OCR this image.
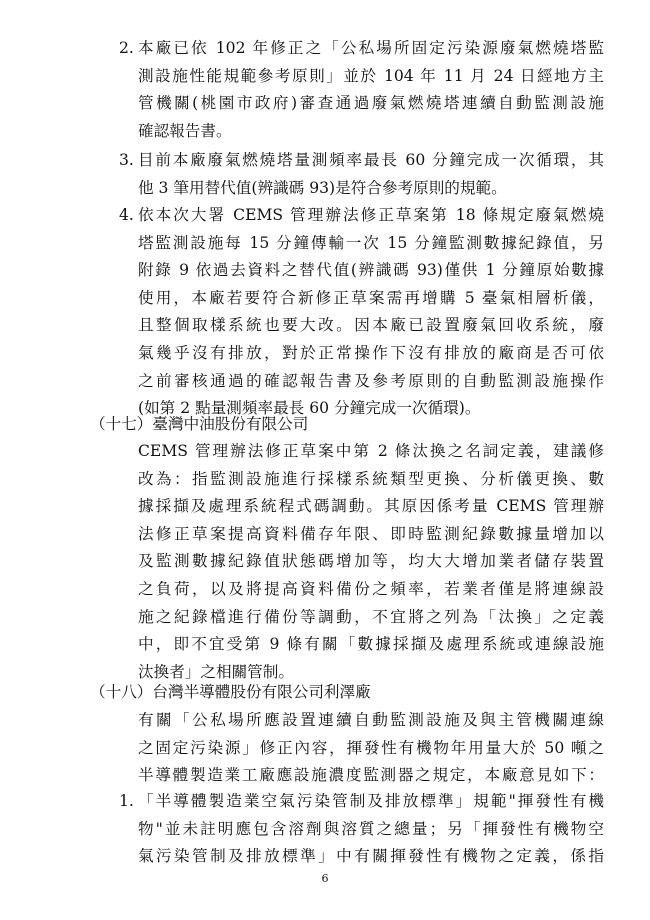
2. 本廠已依 102 年修正之「公私場所固定污染源廢氣燃燒塔監
測設施性能規範參考原則」並於 104 年 11 月 24 日經地方主
管機關(桃園市政府)審查通過廢氣燃燒塔連續自動監測設施
確認報告書。
3. 目前本廠廢氣燃燒塔量測頻率最長 60 分鐘完成一次循環，其
他 3 筆用替代值(辨識碼 93)是符合參考原則的規範。
4. 依本次大署 CEMS 管理辦法修正草案第 18 條規定廢氣燃燒
塔監測設施每 15 分鐘傳輸一次 15 分鐘監測數據紀錄值，另
附錄 9 依過去資料之替代值(辨識碼 93)僅供 1 分鐘原始數據
使用，本廠若要符合新修正草案需再增購 5 臺氣相層析儀，
且整個取樣系統也要大改。因本廠已設置廢氣回收系統，廢
氣幾乎沒有排放，對於正常操作下沒有排放的廠商是否可依
之前審核通過的確認報告書及參考原則的自動監測設施操作
(如第 2 點量測頻率最長 60 分鐘完成一次循環)。
（十七）臺灣中油股份有限公司
CEMS 管理辦法修正草案中第 2 條汰換之名詞定義，建議修
改為：指監測設施進行採樣系統類型更換、分析儀更換、數
據採擷及處理系統程式碼調動。其原因係考量 CEMS 管理辦
法修正草案提高資料備存年限、即時監測紀錄數據量增加以
及監測數據紀錄值狀態碼增加等，均大大增加業者儲存裝置
之負荷，以及將提高資料備份之頻率，若業者僅是將連線設
施之紀錄檔進行備份等調動，不宜將之列為「汰換」之定義
中，即不宜受第 9 條有關「數據採擷及處理系統或連線設施
汰換者」之相關管制。
（十八）台灣半導體股份有限公司利澤廠
有關「公私場所應設置連續自動監測設施及與主管機關連線
之固定污染源」修正內容，揮發性有機物年用量大於 50 噸之
半導體製造業工廠應設施濃度監測器之規定，本廠意見如下：
1. 「半導體製造業空氣污染管制及排放標準」規範"揮發性有機
物"並未註明應包含溶劑與溶質之總量；另「揮發性有機物空
氣污染管制及排放標準」中有關揮發性有機物之定義，係指
6
